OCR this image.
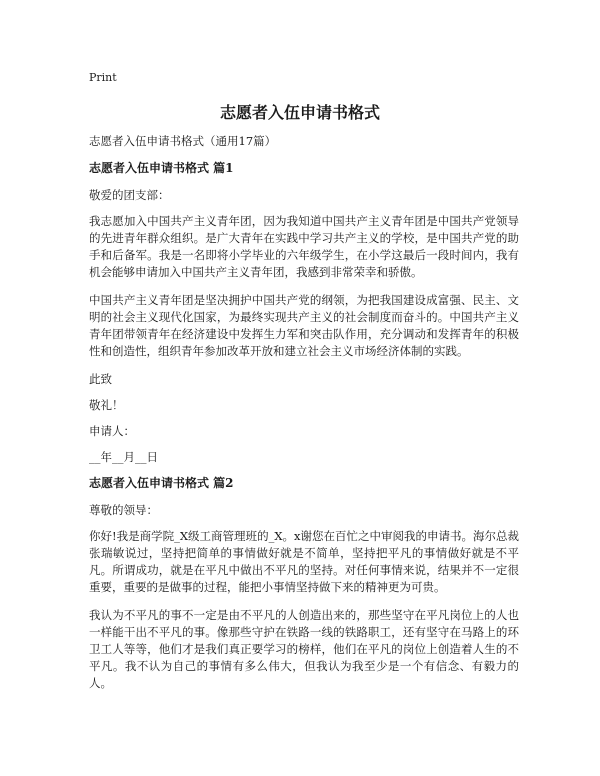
Print
志愿者入伍申请书格式

志愿者入伍申请书格式（通用17篇）

志愿者入伍申请书格式 篇1

敬爱的团支部：

我志愿加入中国共产主义青年团，因为我知道中国共产主义青年团是中国共产党领导的先进青年群众组织。是广大青年在实践中学习共产主义的学校，是中国共产党的助手和后备军。我是一名即将小学毕业的六年级学生，在小学这最后一段时间内，我有机会能够申请加入中国共产主义青年团，我感到非常荣幸和骄傲。

中国共产主义青年团是坚决拥护中国共产党的纲领，为把我国建设成富强、民主、文明的社会主义现代化国家，为最终实现共产主义的社会制度而奋斗的。中国共产主义青年团带领青年在经济建设中发挥生力军和突击队作用，充分调动和发挥青年的积极性和创造性，组织青年参加改革开放和建立社会主义市场经济体制的实践。

此致

敬礼！

申请人：

__年__月__日

志愿者入伍申请书格式 篇2

尊敬的领导：

你好!我是商学院_X级工商管理班的_X。x谢您在百忙之中审阅我的申请书。海尔总裁张瑞敏说过，坚持把简单的事情做好就是不简单，坚持把平凡的事情做好就是不平凡。所谓成功，就是在平凡中做出不平凡的坚持。对任何事情来说，结果并不一定很重要，重要的是做事的过程，能把小事情坚持做下来的精神更为可贵。

我认为不平凡的事不一定是由不平凡的人创造出来的，那些坚守在平凡岗位上的人也一样能干出不平凡的事。像那些守护在铁路一线的铁路职工，还有坚守在马路上的环卫工人等等，他们才是我们真正要学习的榜样，他们在平凡的岗位上创造着人生的不平凡。我不认为自己的事情有多么伟大，但我认为我至少是一个有信念、有毅力的人。
